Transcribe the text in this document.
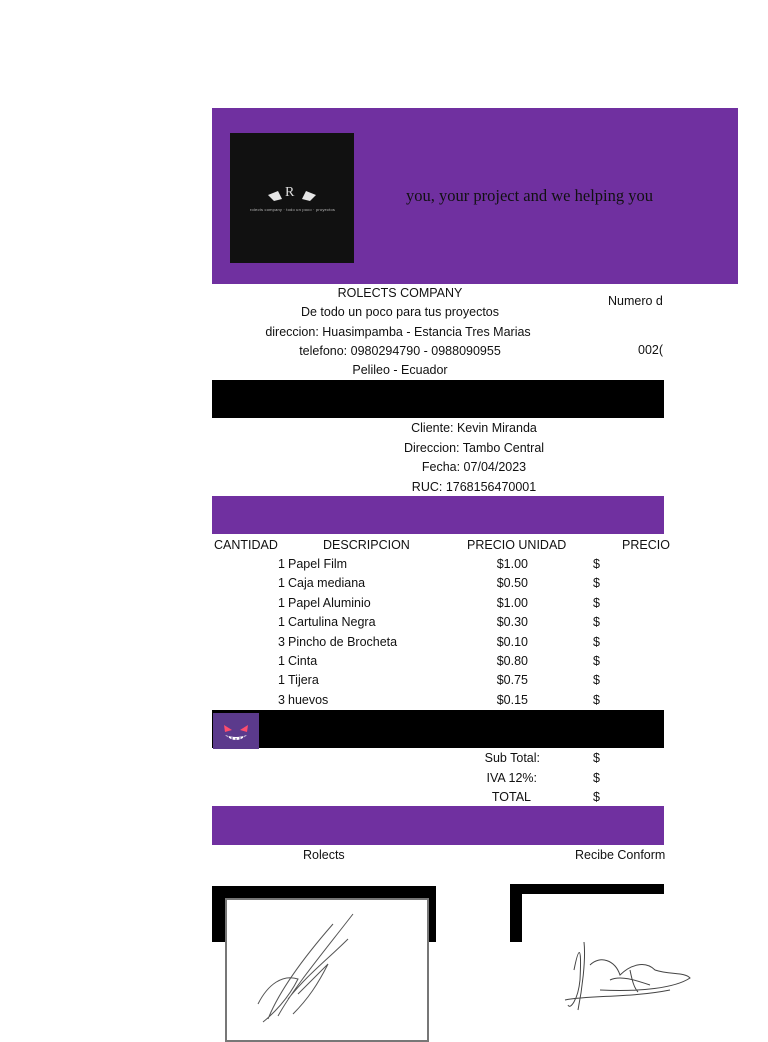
R
rolects company · todo un poco · proyectos
you, your project and we helping you
ROLECTS COMPANY
De todo un poco para tus proyectos
direccion: Huasimpamba - Estancia Tres Marias
telefono: 0980294790 - 0988090955
Pelileo - Ecuador
Numero d
002(
Cliente: Kevin Miranda
Direccion: Tambo Central
Fecha: 07/04/2023
RUC: 1768156470001
CANTIDAD	DESCRIPCION	PRECIO UNIDAD	PRECIO
1 Papel Film	$1.00	$
1 Caja mediana	$0.50	$
1 Papel Aluminio	$1.00	$
1 Cartulina Negra	$0.30	$
3 Pincho de Brocheta	$0.10	$
1 Cinta	$0.80	$
1 Tijera	$0.75	$
3 huevos	$0.15	$
Sub Total:	$
IVA 12%:	$
TOTAL	$
Rolects	Recibe Conform
